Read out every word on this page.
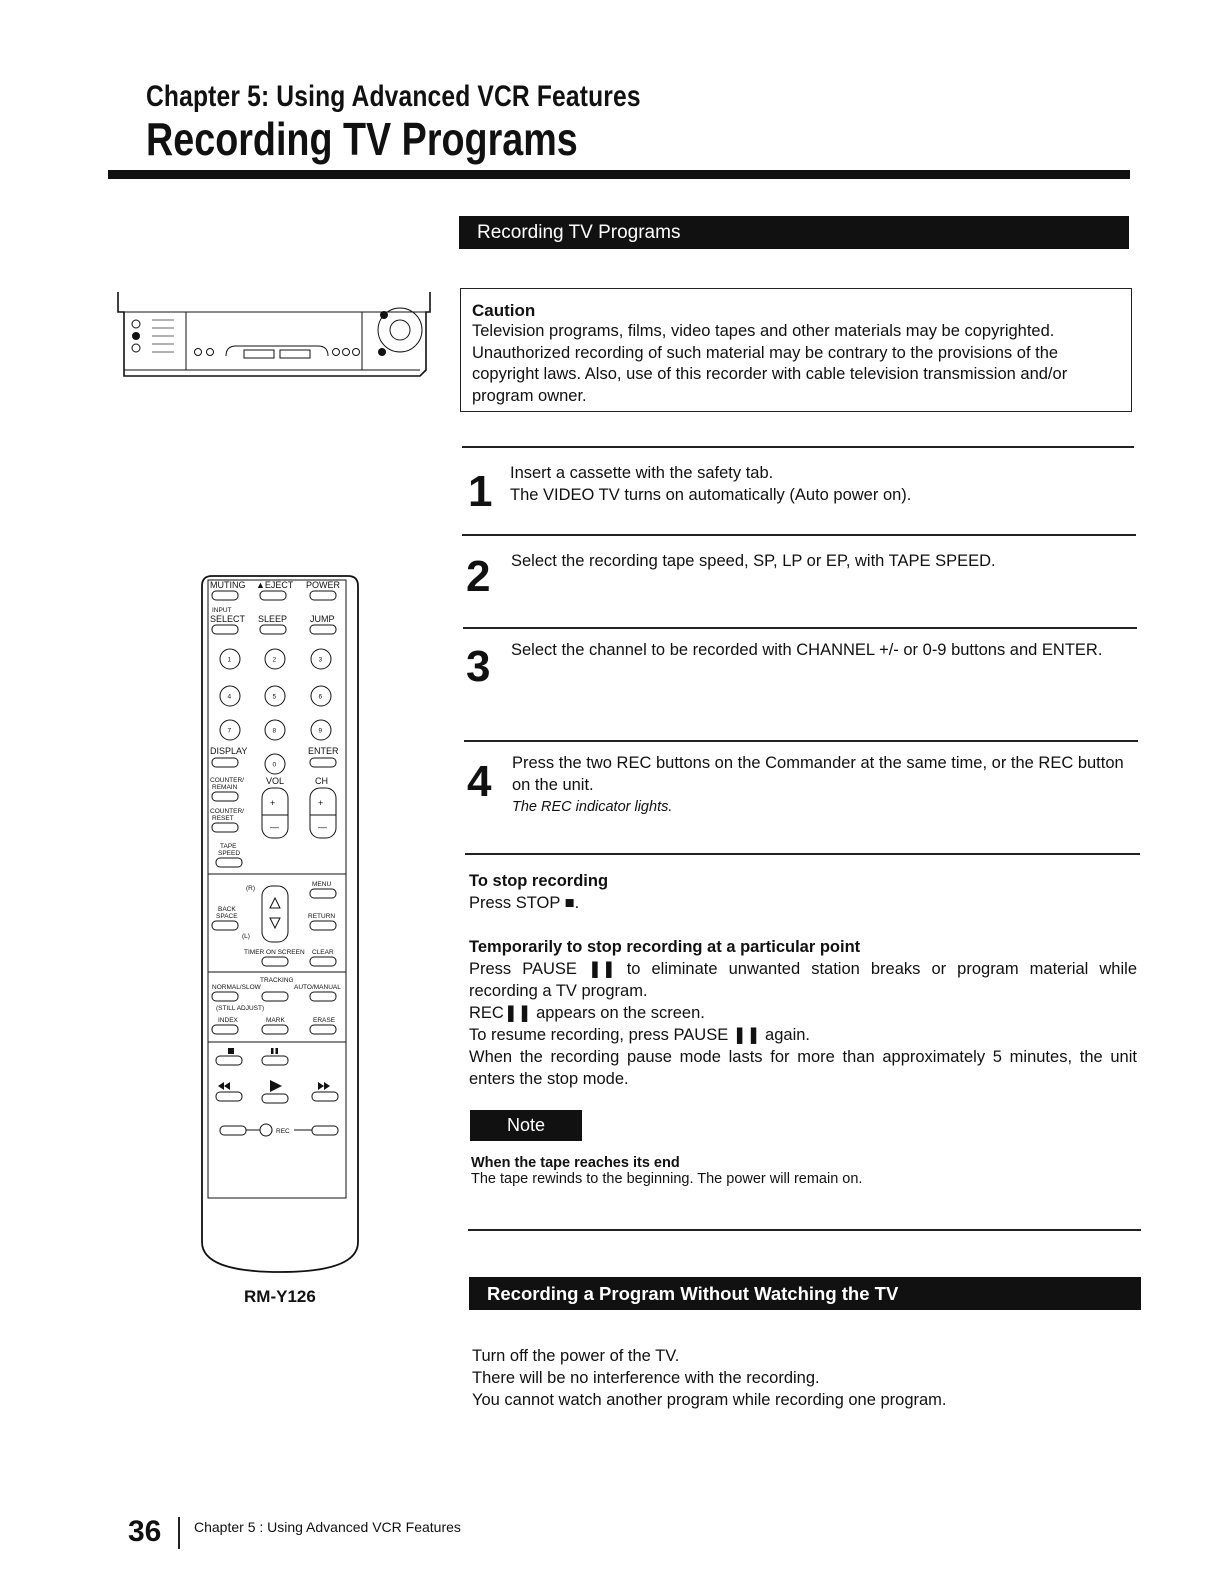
Chapter 5: Using Advanced VCR Features
Recording TV Programs
Recording TV Programs
Caution
Television programs, films, video tapes and other materials may be copyrighted. Unauthorized recording of such material may be contrary to the provisions of the copyright laws. Also, use of this recorder with cable television transmission and/or program owner.
1 Insert a cassette with the safety tab.
The VIDEO TV turns on automatically (Auto power on).
2 Select the recording tape speed, SP, LP or EP, with TAPE SPEED.
3 Select the channel to be recorded with CHANNEL +/- or 0-9 buttons and ENTER.
4 Press the two REC buttons on the Commander at the same time, or the REC button on the unit.
The REC indicator lights.
To stop recording
Press STOP ■.
Temporarily to stop recording at a particular point
Press PAUSE ❚❚ to eliminate unwanted station breaks or program material while recording a TV program.
REC❚❚ appears on the screen.
To resume recording, press PAUSE ❚❚ again.
When the recording pause mode lasts for more than approximately 5 minutes, the unit enters the stop mode.
Note
When the tape reaches its end
The tape rewinds to the beginning. The power will remain on.
Recording a Program Without Watching the TV
Turn off the power of the TV.
There will be no interference with the recording.
You cannot watch another program while recording one program.
MUTING ▲EJECT POWER
INPUT
SELECT SLEEP	JUMP
1	2	3
4	5	6
7	8	9
DISPLAY	ENTER
0
COUNTER/
REMAIN
VOL	CH
+
—
+
—
COUNTER/
RESET
TAPE
SPEED
MENU
(R)
BACK
SPACE
(L)
RETURN
TIMER ON SCREEN CLEAR
TRACKING
NORMAL/SLOW	AUTO/MANUAL
(STILL ADJUST)
INDEX	MARK	ERASE
REC
RM-Y126
36 Chapter 5 : Using Advanced VCR Features
